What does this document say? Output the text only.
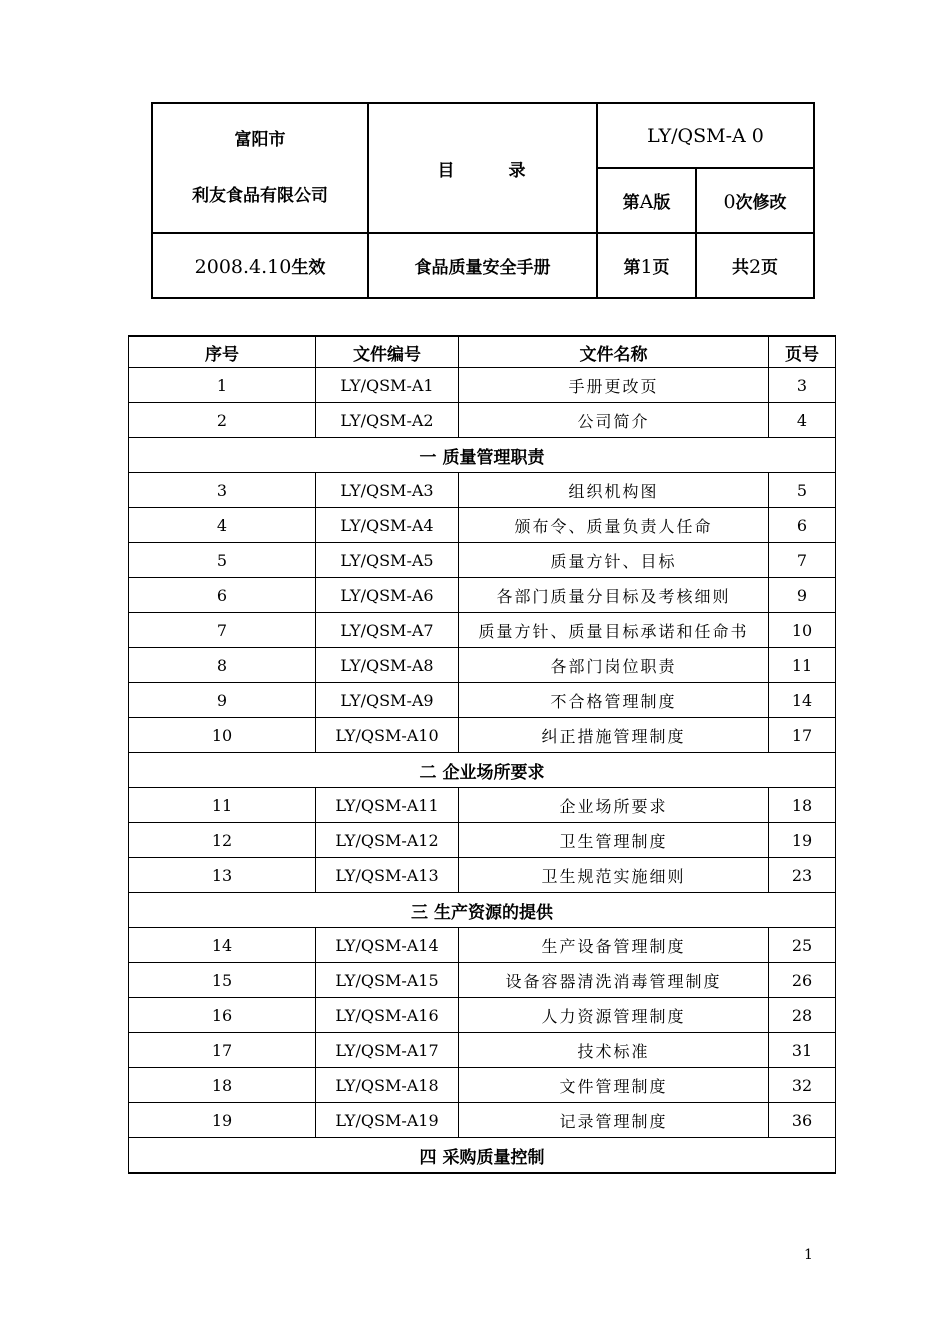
富阳市
利友食品有限公司	目 录	LY/QSM-A 0	
		第A版	0次修改
2008.4.10生效	食品质量安全手册	第1页	共2页
序号	文件编号	文件名称	页号
1	LY/QSM-A1	手册更改页	3
2	LY/QSM-A2	公司简介	4
一 质量管理职责			
3	LY/QSM-A3	组织机构图	5
4	LY/QSM-A4	颁布令、质量负责人任命	6
5	LY/QSM-A5	质量方针、目标	7
6	LY/QSM-A6	各部门质量分目标及考核细则	9
7	LY/QSM-A7	质量方针、质量目标承诺和任命书	10
8	LY/QSM-A8	各部门岗位职责	11
9	LY/QSM-A9	不合格管理制度	14
10	LY/QSM-A10	纠正措施管理制度	17
二 企业场所要求			
11	LY/QSM-A11	企业场所要求	18
12	LY/QSM-A12	卫生管理制度	19
13	LY/QSM-A13	卫生规范实施细则	23
三 生产资源的提供			
14	LY/QSM-A14	生产设备管理制度	25
15	LY/QSM-A15	设备容器清洗消毒管理制度	26
16	LY/QSM-A16	人力资源管理制度	28
17	LY/QSM-A17	技术标准	31
18	LY/QSM-A18	文件管理制度	32
19	LY/QSM-A19	记录管理制度	36
四 采购质量控制			
1
